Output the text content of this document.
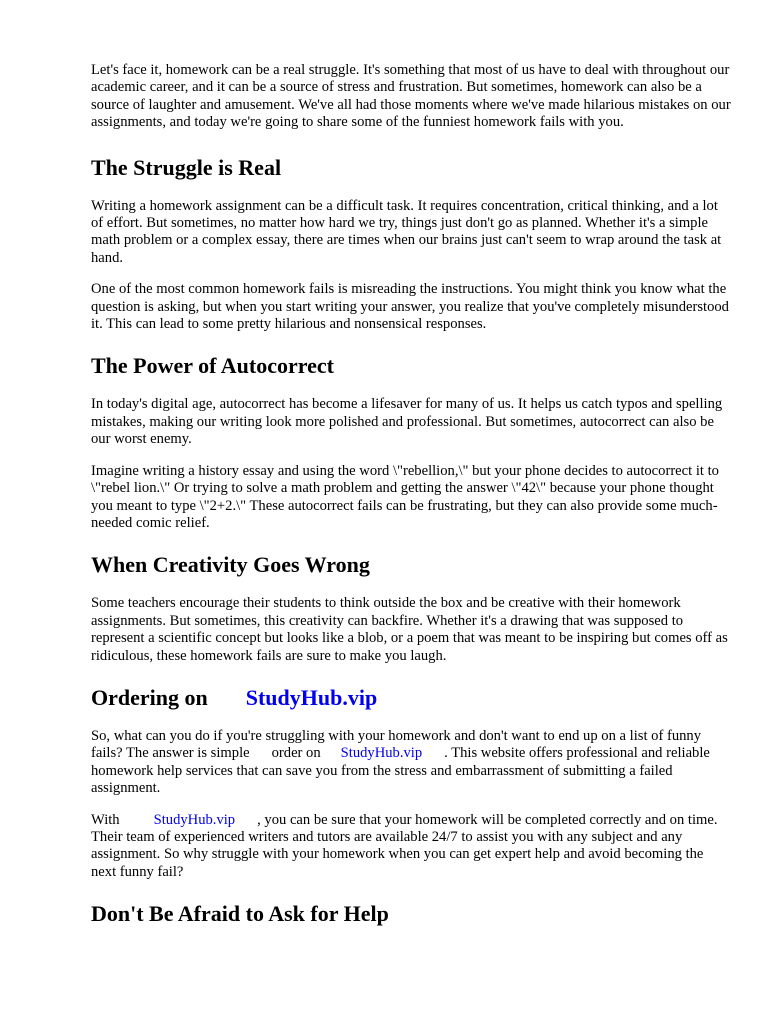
Let's face it, homework can be a real struggle. It's something that most of us have to deal with throughout our academic career, and it can be a source of stress and frustration. But sometimes, homework can also be a source of laughter and amusement. We've all had those moments where we've made hilarious mistakes on our assignments, and today we're going to share some of the funniest homework fails with you.

The Struggle is Real

Writing a homework assignment can be a difficult task. It requires concentration, critical thinking, and a lot of effort. But sometimes, no matter how hard we try, things just don't go as planned. Whether it's a simple math problem or a complex essay, there are times when our brains just can't seem to wrap around the task at hand.

One of the most common homework fails is misreading the instructions. You might think you know what the question is asking, but when you start writing your answer, you realize that you've completely misunderstood it. This can lead to some pretty hilarious and nonsensical responses.

The Power of Autocorrect

In today's digital age, autocorrect has become a lifesaver for many of us. It helps us catch typos and spelling mistakes, making our writing look more polished and professional. But sometimes, autocorrect can also be our worst enemy.

Imagine writing a history essay and using the word \"rebellion,\" but your phone decides to autocorrect it to \"rebel lion.\" Or trying to solve a math problem and getting the answer \"42\" because your phone thought you meant to type \"2+2.\" These autocorrect fails can be frustrating, but they can also provide some much-needed comic relief.

When Creativity Goes Wrong

Some teachers encourage their students to think outside the box and be creative with their homework assignments. But sometimes, this creativity can backfire. Whether it's a drawing that was supposed to represent a scientific concept but looks like a blob, or a poem that was meant to be inspiring but comes off as ridiculous, these homework fails are sure to make you laugh.

Ordering on StudyHub.vip

So, what can you do if you're struggling with your homework and don't want to end up on a list of funny fails? The answer is simple order on StudyHub.vip . This website offers professional and reliable homework help services that can save you from the stress and embarrassment of submitting a failed assignment.

With StudyHub.vip , you can be sure that your homework will be completed correctly and on time. Their team of experienced writers and tutors are available 24/7 to assist you with any subject and any assignment. So why struggle with your homework when you can get expert help and avoid becoming the next funny fail?

Don't Be Afraid to Ask for Help
